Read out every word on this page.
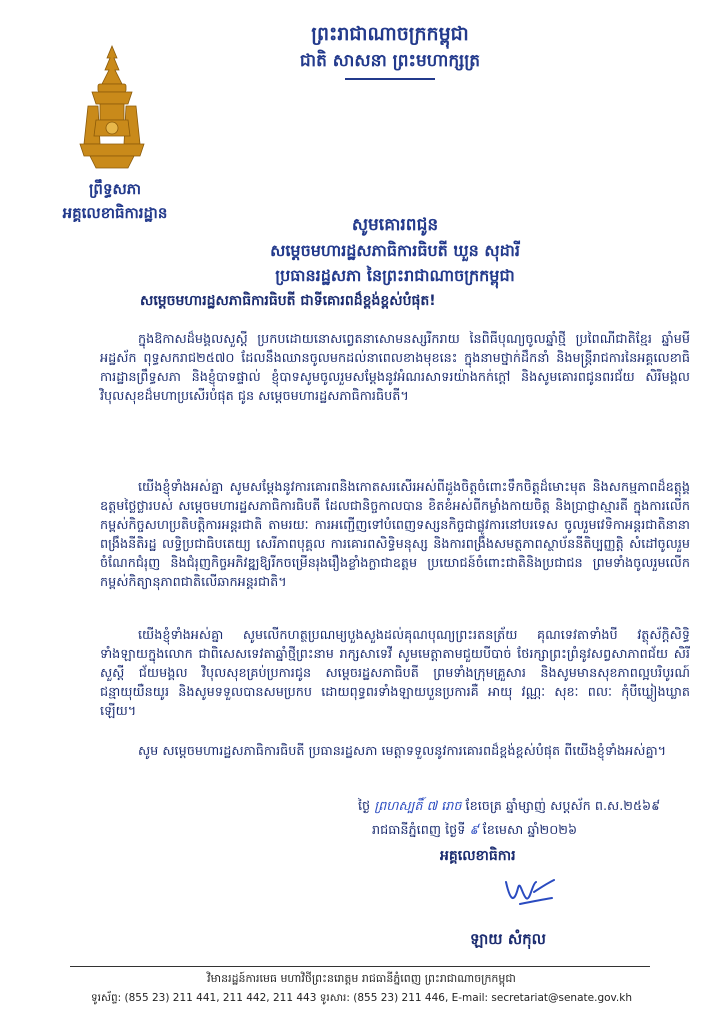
ព្រះរាជាណាចក្រកម្ពុជា
ជាតិ សាសនា ព្រះមហាក្សត្រ
ព្រឹទ្ធសភា
អគ្គលេខាធិការដ្ឋាន
សូមគោរពជូន
សម្តេចមហារដ្ឋសភាធិការធិបតី ឃួន សុដារី
ប្រធានរដ្ឋសភា នៃព្រះរាជាណាចក្រកម្ពុជា
សម្តេចមហារដ្ឋសភាធិការធិបតី ជាទីគោរពដ៏ខ្ពង់ខ្ពស់បំផុត!
ក្នុងឱកាសដ៏មង្គលសួស្តី ប្រកបដោយនោសព្វេតនាសោមនស្សរីករាយ នៃពិធីបុណ្យចូលឆ្នាំថ្មី ប្រពៃណីជាតិខ្មែរ ឆ្នាំមមី អដ្ឋស័ក ពុទ្ធសករាជ២៥៧០ ដែលនឹងឈានចូលមកដល់នាពេលខាងមុខនេះ ក្នុងនាមថ្នាក់ដឹកនាំ និងមន្ត្រីរាជការនៃអគ្គលេខាធិការដ្ឋានព្រឹទ្ធសភា និងខ្ញុំបាទផ្ទាល់ ខ្ញុំបាទសូមចូលរួមសម្តែងនូវអំណរសាទរយ៉ាងកក់ក្តៅ និងសូមគោរពជូនពរជ័យ សិរីមង្គល វិបុលសុខដ៏មហាប្រសើរបំផុត ជូន សម្តេចមហារដ្ឋសភាធិការធិបតី។
យើងខ្ញុំទាំងអស់គ្នា សូមសម្តែងនូវការគោរពនិងកោតសរសើរអស់ពីដួងចិត្តចំពោះទឹកចិត្តដ៏មោះមុត និងសកម្មភាពដ៏ឧត្តុង្គឧត្តមថ្លៃថ្លារបស់ សម្តេចមហារដ្ឋសភាធិការធិបតី ដែលជានិច្ចកាលបាន ខិតខំអស់ពីកម្លាំងកាយចិត្ត និងប្រាជ្ញាស្មារតី ក្នុងការលើកកម្ពស់កិច្ចសហប្រតិបត្តិការអន្តរជាតិ តាមរយៈ ការអញ្ជើញទៅបំពេញទស្សនកិច្ចជាផ្លូវការនៅបរទេស ចូលរួមវេទិកាអន្តរជាតិនានា ពង្រឹងនីតិរដ្ឋ លទ្ធិប្រជាធិបតេយ្យ សេរីភាពបុគ្គល ការគោរពសិទ្ធិមនុស្ស និងការពង្រឹងសមត្ថភាពស្ថាប័ននីតិប្បញ្ញត្តិ សំដៅចូលរួមចំណែកជំរុញ និងជំរុញកិច្ចអភិវឌ្ឍឱ្យរីកចម្រើនរុងរឿងខ្លាំងក្លាជាឧត្តម ប្រយោជន៍ចំពោះជាតិនិងប្រជាជន ព្រមទាំងចូលរួមលើកកម្ពស់កិត្យានុភាពជាតិលើឆាកអន្តរជាតិ។
យើងខ្ញុំទាំងអស់គ្នា សូមលើកហត្ថប្រណម្យបួងសួងដល់គុណបុណ្យព្រះរតនត្រ័យ គុណទេវតាទាំងបី វត្ថុស័ក្តិសិទ្ធិទាំងឡាយក្នុងលោក ជាពិសេសទេវតាឆ្នាំថ្មីព្រះនាម រាក្សសាទេវី សូមមេត្តាតាមជួយបីបាច់ ថែរក្សាព្រះព្រំនូវសព្វសាភាពជ័យ សិរីសួស្តី ជ័យមង្គល វិបុលសុខគ្រប់ប្រការជូន សម្តេចរដ្ឋសភាធិបតី ព្រមទាំងក្រុមគ្រួសារ និងសូមមានសុខភាពល្អបរិបូរណ៍ ជន្មាយុយឺនយូរ និងសូមទទួលបានសមប្រកប ដោយពុទ្ធពរទាំងឡាយបួនប្រការគឺ អាយុ វណ្ណៈ សុខៈ ពលៈ កុំបីឃ្លៀងឃ្លាតឡើយ។
សូម សម្តេចមហារដ្ឋសភាធិការធិបតី ប្រធានរដ្ឋសភា មេត្តាទទួលនូវការគោរពដ៏ខ្ពង់ខ្ពស់បំផុត ពីយើងខ្ញុំទាំងអស់គ្នា។
ថ្ងៃ ព្រហស្បតិ៍ ៧ រោច ខែចេត្រ ឆ្នាំម្សាញ់ សប្តស័ក ព.ស.២៥៦៩
រាជធានីភ្នំពេញ ថ្ងៃទី ៩ ខែមេសា ឆ្នាំ២០២៦
អគ្គលេខាធិការ
ឡាយ សំកុល
វិមានរដ្ឋន៍ការមេធ មហាវិថីព្រះនរោត្តម រាជធានីភ្នំពេញ ព្រះរាជាណាចក្រកម្ពុជា
ទូរស័ព្ទ: (855 23) 211 441, 211 442, 211 443 ទូរសារ: (855 23) 211 446, E-mail: secretariat@senate.gov.kh
